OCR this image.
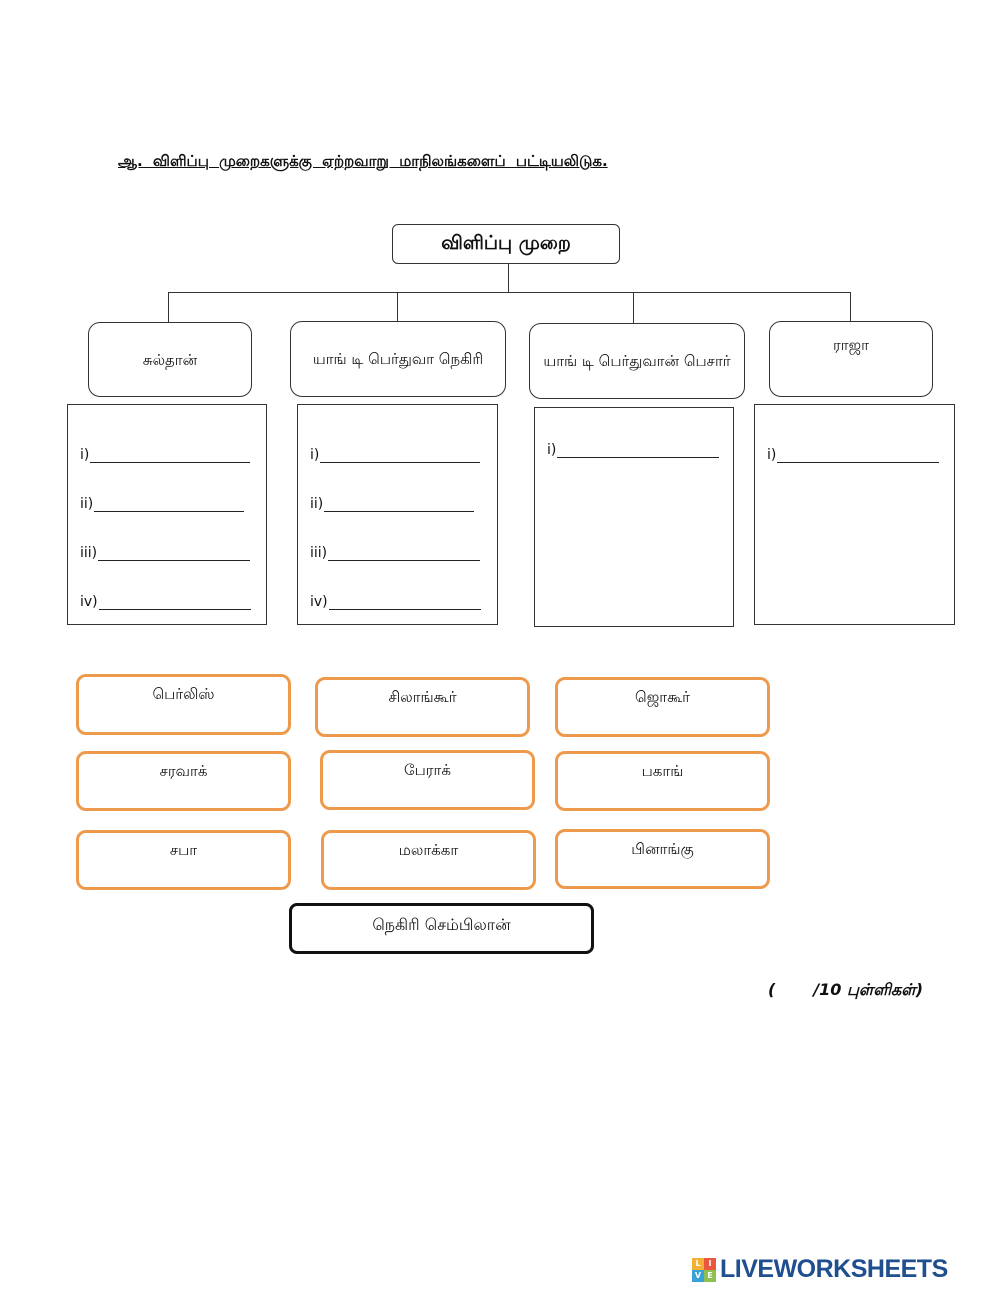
ஆ. விளிப்பு முறைகளுக்கு ஏற்றவாறு மாநிலங்களைப் பட்டியலிடுக.
விளிப்பு முறை
சுல்தான்	யாங் டி பெர்துவா நெகிரி	யாங் டி பெர்துவான் பெசார்
ராஜா
i)
ii)
iii)
iv)
i)
ii)
iii)
iv)
i)	i)
பெர்லிஸ்	சிலாங்கூர்	ஜொகூர்
சரவாக்	பேராக்	பகாங்
சபா	மலாக்கா	பினாங்கு
நெகிரி செம்பிலான்
( /10 புள்ளிகள்)
L I
V E LIVEWORKSHEETS
